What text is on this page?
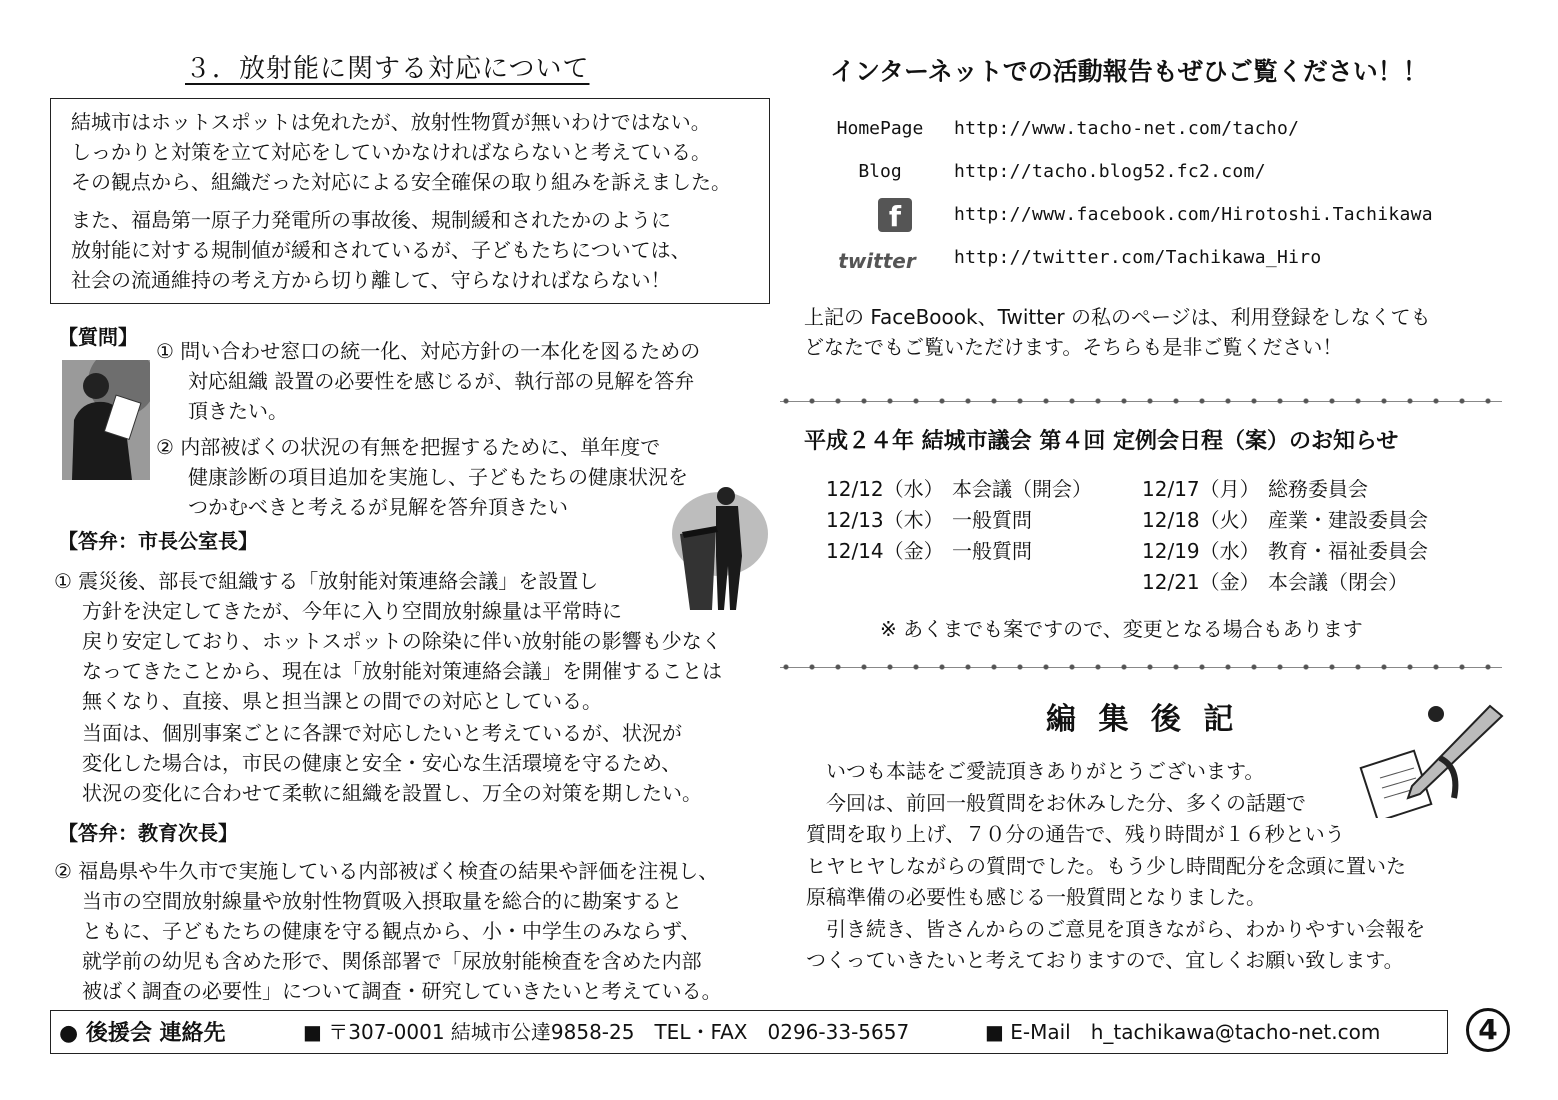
３．放射能に関する対応について
結城市はホットスポットは免れたが、放射性物質が無いわけではない。
しっかりと対策を立て対応をしていかなければならないと考えている。
その観点から、組織だった対応による安全確保の取り組みを訴えました。
また、福島第一原子力発電所の事故後、規制緩和されたかのように
放射能に対する規制値が緩和されているが、子どもたちについては、
社会の流通維持の考え方から切り離して、守らなければならない！
【質問】
① 問い合わせ窓口の統一化、対応方針の一本化を図るための
対応組織 設置の必要性を感じるが、執行部の見解を答弁
頂きたい。
② 内部被ばくの状況の有無を把握するために、単年度で
健康診断の項目追加を実施し、子どもたちの健康状況を
つかむべきと考えるが見解を答弁頂きたい
【答弁：市長公室長】
① 震災後、部長で組織する「放射能対策連絡会議」を設置し
方針を決定してきたが、今年に入り空間放射線量は平常時に
戻り安定しており、ホットスポットの除染に伴い放射能の影響も少なく
なってきたことから、現在は「放射能対策連絡会議」を開催することは
無くなり、直接、県と担当課との間での対応としている。
当面は、個別事案ごとに各課で対応したいと考えているが、状況が
変化した場合は，市民の健康と安全・安心な生活環境を守るため、
状況の変化に合わせて柔軟に組織を設置し、万全の対策を期したい。
【答弁：教育次長】
② 福島県や牛久市で実施している内部被ばく検査の結果や評価を注視し、
当市の空間放射線量や放射性物質吸入摂取量を総合的に勘案すると
ともに、子どもたちの健康を守る観点から、小・中学生のみならず、
就学前の幼児も含めた形で、関係部署で「尿放射能検査を含めた内部
被ばく調査の必要性」について調査・研究していきたいと考えている。
インターネットでの活動報告もぜひご覧ください！！
HomePage	http://www.tacho-net.com/tacho/
Blog	http://tacho.blog52.fc2.com/
f	http://www.facebook.com/Hirotoshi.Tachikawa
twitter	http://twitter.com/Tachikawa_Hiro
上記の FaceBoook、Twitter の私のページは、利用登録をしなくても
どなたでもご覧いただけます。そちらも是非ご覧ください！
平成２４年 結城市議会 第４回 定例会日程（案）のお知らせ
12/12（水） 本会議（開会）
12/13（木） 一般質問
12/14（金） 一般質問
12/17（月） 総務委員会
12/18（火） 産業・建設委員会
12/19（水） 教育・福祉委員会
12/21（金） 本会議（閉会）
※ あくまでも案ですので、変更となる場合もあります
編 集 後 記
いつも本誌をご愛読頂きありがとうございます。
今回は、前回一般質問をお休みした分、多くの話題で
質問を取り上げ、７０分の通告で、残り時間が１６秒という
ヒヤヒヤしながらの質問でした。もう少し時間配分を念頭に置いた
原稿準備の必要性も感じる一般質問となりました。
引き続き、皆さんからのご意見を頂きながら、わかりやすい会報を
つくっていきたいと考えておりますので、宜しくお願い致します。
● 後援会 連絡先	■ 〒307-0001 結城市公達9858-25　TEL・FAX　0296-33-5657	■ E-Mail　h_tachikawa@tacho-net.com	4
